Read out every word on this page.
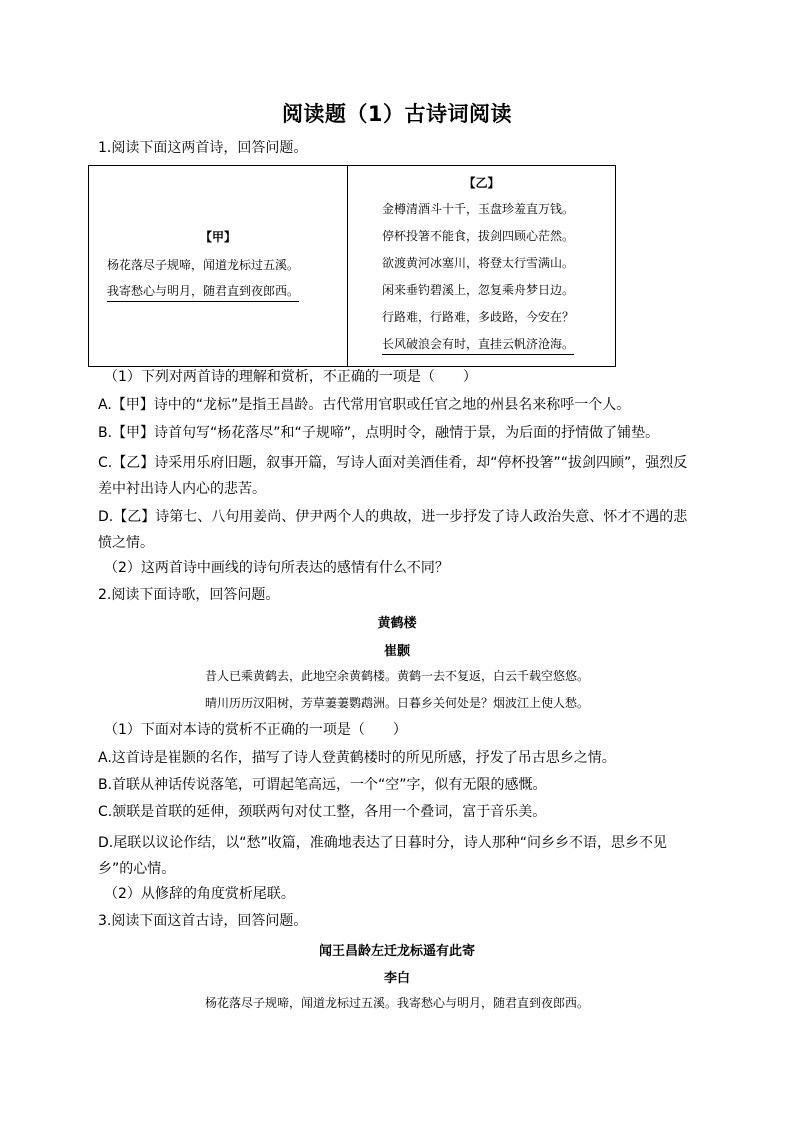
阅读题（1）古诗词阅读
1.阅读下面这两首诗，回答问题。
【甲】
杨花落尽子规啼，闻道龙标过五溪。
我寄愁心与明月，随君直到夜郎西。
【乙】
金樽清酒斗十千，玉盘珍羞直万钱。
停杯投箸不能食，拔剑四顾心茫然。
欲渡黄河冰塞川，将登太行雪满山。
闲来垂钓碧溪上，忽复乘舟梦日边。
行路难，行路难，多歧路，今安在？
长风破浪会有时，直挂云帆济沧海。
（1）下列对两首诗的理解和赏析，不正确的一项是（　　）
A.【甲】诗中的“龙标”是指王昌龄。古代常用官职或任官之地的州县名来称呼一个人。
B.【甲】诗首句写“杨花落尽”和“子规啼”，点明时令，融情于景，为后面的抒情做了铺垫。
C.【乙】诗采用乐府旧题，叙事开篇，写诗人面对美酒佳肴，却“停杯投箸”“拔剑四顾”，强烈反差中衬出诗人内心的悲苦。
D.【乙】诗第七、八句用姜尚、伊尹两个人的典故，进一步抒发了诗人政治失意、怀才不遇的悲愤之情。
（2）这两首诗中画线的诗句所表达的感情有什么不同？
2.阅读下面诗歌，回答问题。
黄鹤楼
崔颢
昔人已乘黄鹤去，此地空余黄鹤楼。黄鹤一去不复返，白云千载空悠悠。
晴川历历汉阳树，芳草萋萋鹦鹉洲。日暮乡关何处是？烟波江上使人愁。
（1）下面对本诗的赏析不正确的一项是（　　）
A.这首诗是崔颢的名作，描写了诗人登黄鹤楼时的所见所感，抒发了吊古思乡之情。
B.首联从神话传说落笔，可谓起笔高远，一个“空”字，似有无限的感慨。
C.颔联是首联的延伸，颈联两句对仗工整，各用一个叠词，富于音乐美。
D.尾联以议论作结，以“愁”收篇，准确地表达了日暮时分，诗人那种“问乡乡不语，思乡不见乡”的心情。
（2）从修辞的角度赏析尾联。
3.阅读下面这首古诗，回答问题。
闻王昌龄左迁龙标遥有此寄
李白
杨花落尽子规啼，闻道龙标过五溪。我寄愁心与明月，随君直到夜郎西。
